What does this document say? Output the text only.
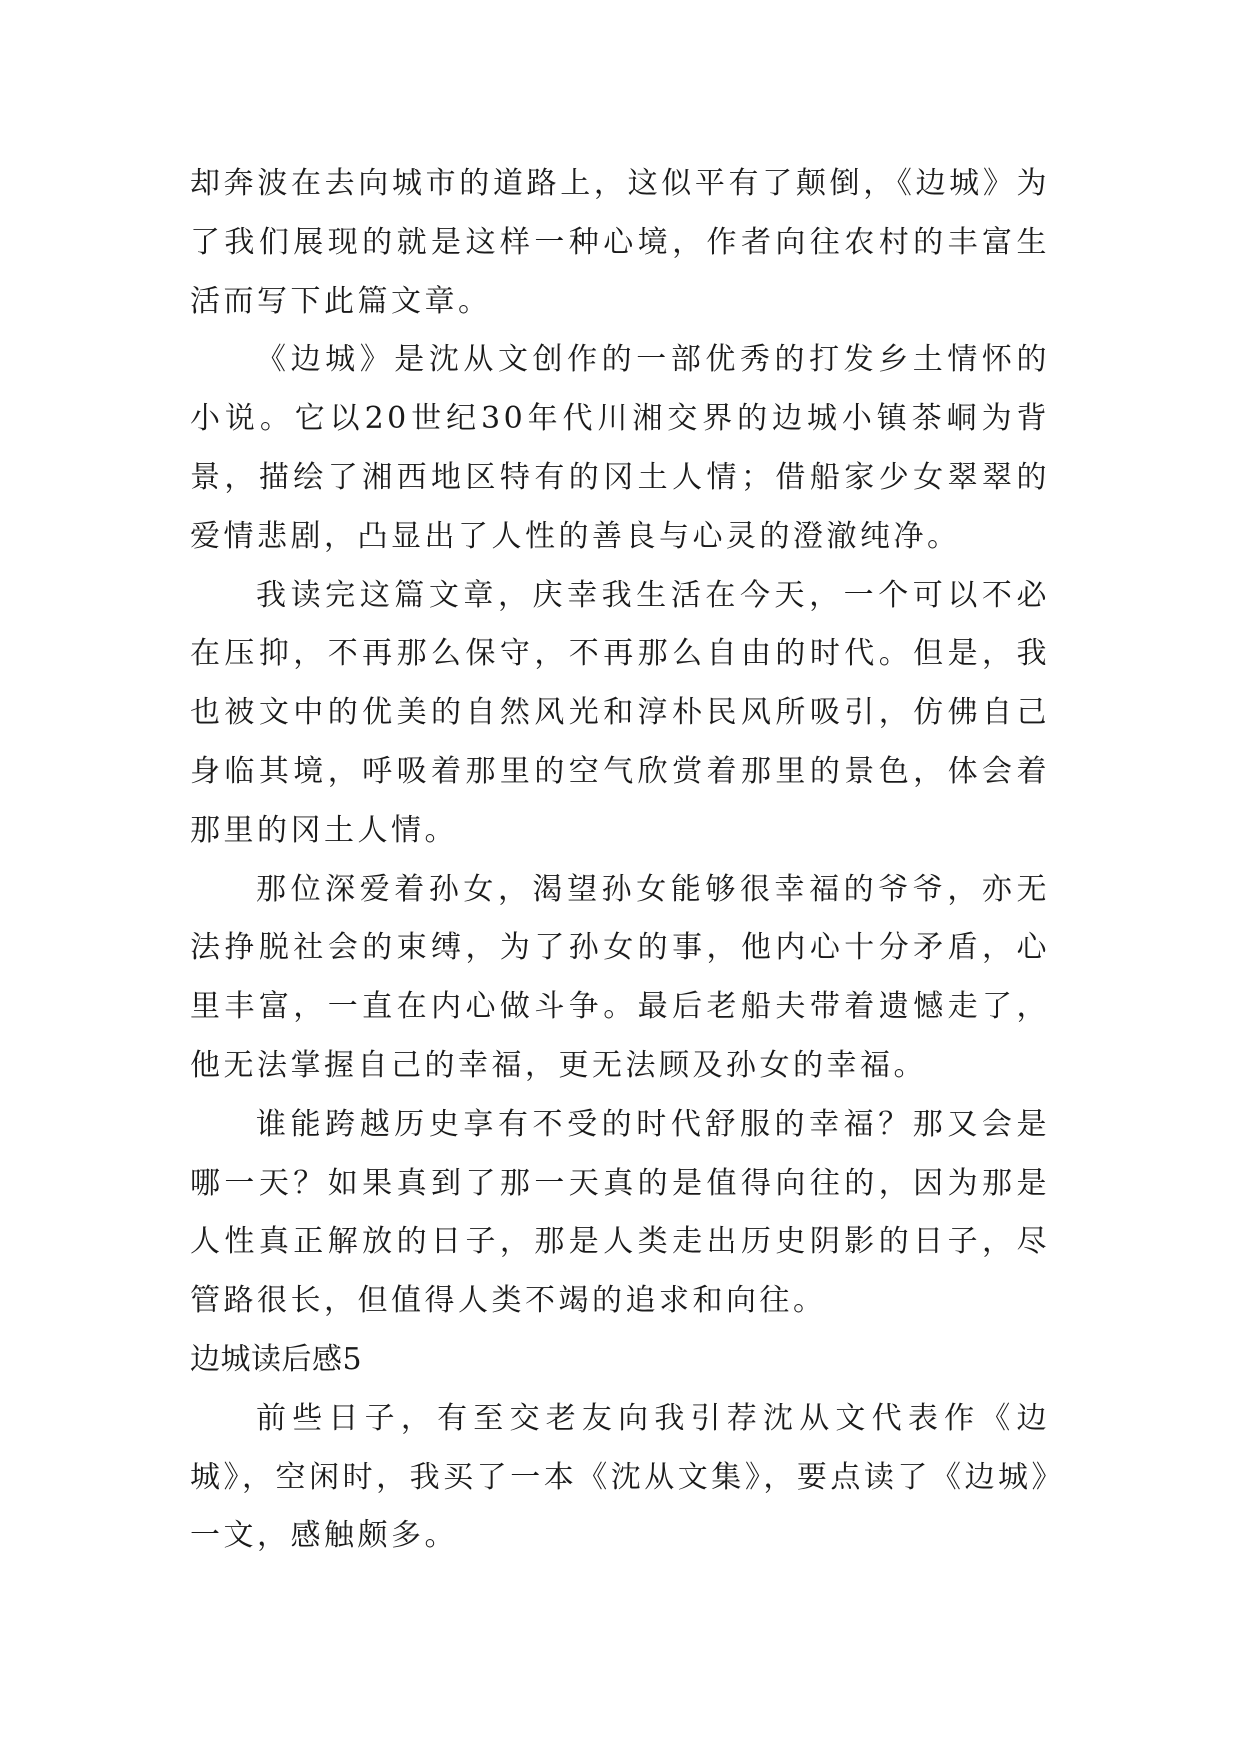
却奔波在去向城市的道路上，这似平有了颠倒，《边城》为了我们展现的就是这样一种心境，作者向往农村的丰富生活而写下此篇文章。

《边城》是沈从文创作的一部优秀的打发乡土情怀的小说。它以20世纪30年代川湘交界的边城小镇茶峒为背景，描绘了湘西地区特有的冈土人情；借船家少女翠翠的爱情悲剧，凸显出了人性的善良与心灵的澄澈纯净。

我读完这篇文章，庆幸我生活在今天，一个可以不必在压抑，不再那么保守，不再那么自由的时代。但是，我也被文中的优美的自然风光和淳朴民风所吸引，仿佛自己身临其境，呼吸着那里的空气欣赏着那里的景色，体会着那里的冈土人情。

那位深爱着孙女，渴望孙女能够很幸福的爷爷，亦无法挣脱社会的束缚，为了孙女的事，他内心十分矛盾，心里丰富，一直在内心做斗争。最后老船夫带着遗憾走了，他无法掌握自己的幸福，更无法顾及孙女的幸福。

谁能跨越历史享有不受的时代舒服的幸福？那又会是哪一天？如果真到了那一天真的是值得向往的，因为那是人性真正解放的日子，那是人类走出历史阴影的日子，尽管路很长，但值得人类不竭的追求和向往。

边城读后感5

前些日子，有至交老友向我引荐沈从文代表作《边城》，空闲时，我买了一本《沈从文集》，要点读了《边城》一文，感触颇多。
